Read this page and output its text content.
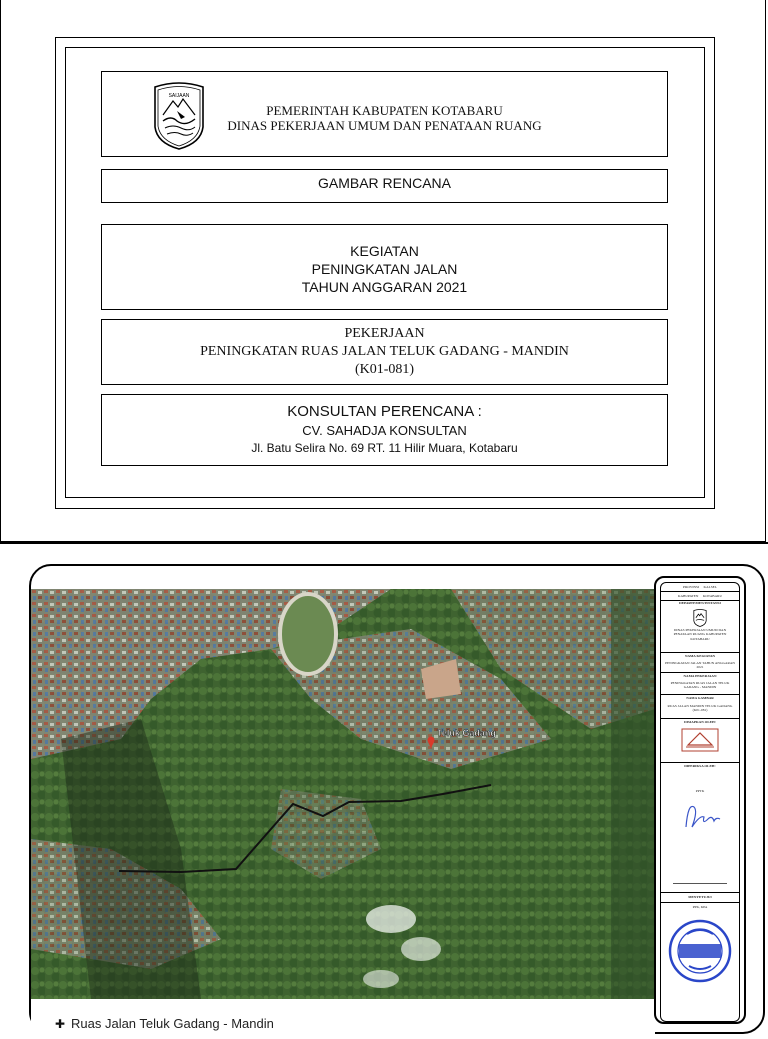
SAIJAAN
PEMERINTAH KABUPATEN KOTABARU
DINAS PEKERJAAN UMUM DAN PENATAAN RUANG
GAMBAR RENCANA
KEGIATAN
PENINGKATAN JALAN
TAHUN ANGGARAN 2021
PEKERJAAN
PENINGKATAN RUAS JALAN TELUK GADANG - MANDIN
(K01-081)
KONSULTAN PERENCANA :
CV. SAHADJA KONSULTAN
Jl. Batu Selira No. 69 RT. 11 Hilir Muara, Kotabaru
Teluk Gadang
✚ Ruas Jalan Teluk Gadang - Mandin
PROVINSI KALSEL
KABUPATEN KOTABARU
DEPARTEMEN/INSTANSI
DINAS PEKERJAAN UMUM DAN PENATAAN RUANG KABUPATEN KOTABARU
NAMA KEGIATAN
PENINGKATAN JALAN TAHUN ANGGARAN 2021
NAMA PEKERJAAN
PENINGKATAN RUAS JALAN TELUK GADANG - MANDIN
NAMA GAMBAR
RUAS JALAN MANDIN TELUK GADANG (K01-081)
DISIAPKAN OLEH:
DIPERIKSA OLEH:
PPTK

MENYETUJUI
PPK, KPA
